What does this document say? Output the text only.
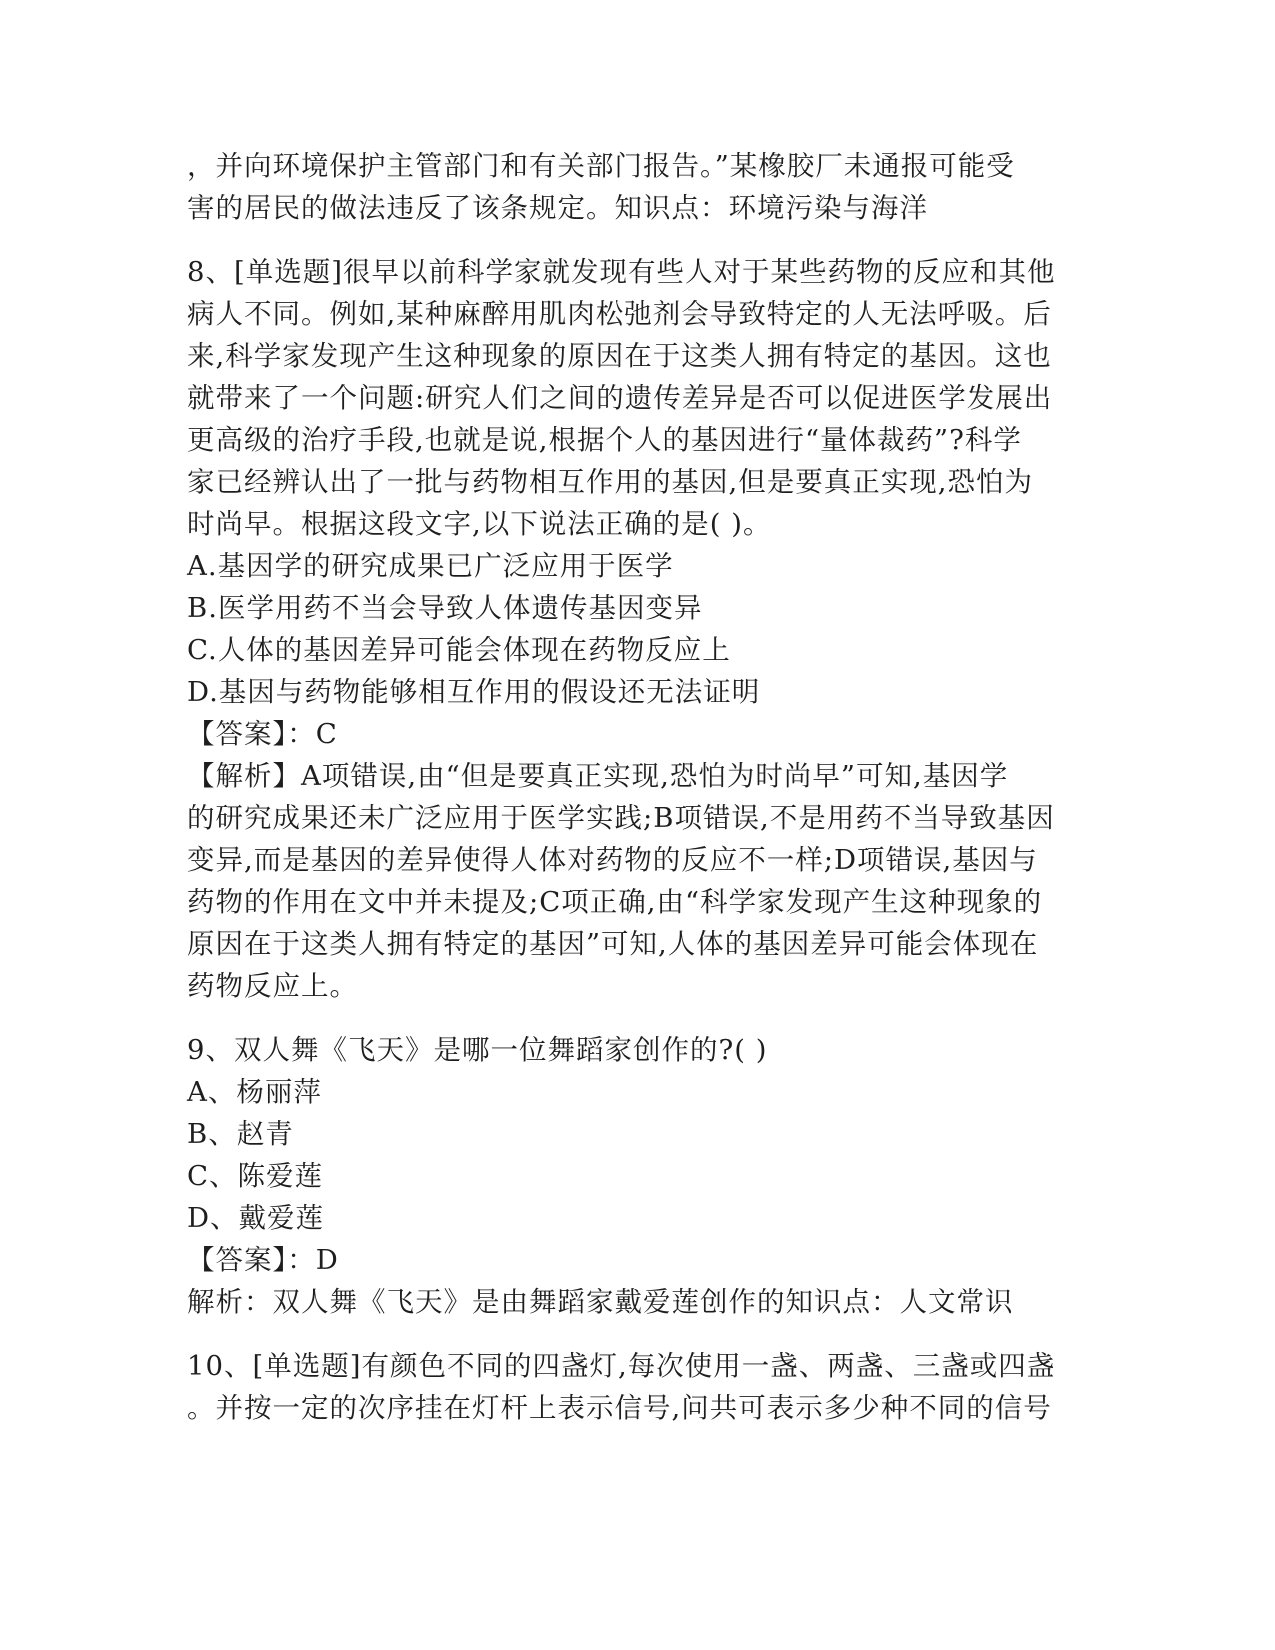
，并向环境保护主管部门和有关部门报告。”某橡胶厂未通报可能受
害的居民的做法违反了该条规定。知识点：环境污染与海洋
8、[单选题]很早以前科学家就发现有些人对于某些药物的反应和其他
病人不同。例如,某种麻醉用肌肉松弛剂会导致特定的人无法呼吸。后
来,科学家发现产生这种现象的原因在于这类人拥有特定的基因。这也
就带来了一个问题:研究人们之间的遗传差异是否可以促进医学发展出
更高级的治疗手段,也就是说,根据个人的基因进行“量体裁药”?科学
家已经辨认出了一批与药物相互作用的基因,但是要真正实现,恐怕为
时尚早。根据这段文字,以下说法正确的是( )。
A.基因学的研究成果已广泛应用于医学
B.医学用药不当会导致人体遗传基因变异
C.人体的基因差异可能会体现在药物反应上
D.基因与药物能够相互作用的假设还无法证明
【答案】：C
【解析】A项错误,由“但是要真正实现,恐怕为时尚早”可知,基因学
的研究成果还未广泛应用于医学实践;B项错误,不是用药不当导致基因
变异,而是基因的差异使得人体对药物的反应不一样;D项错误,基因与
药物的作用在文中并未提及;C项正确,由“科学家发现产生这种现象的
原因在于这类人拥有特定的基因”可知,人体的基因差异可能会体现在
药物反应上。
9、双人舞《飞天》是哪一位舞蹈家创作的?( )
A、杨丽萍
B、赵青
C、陈爱莲
D、戴爱莲
【答案】：D
解析：双人舞《飞天》是由舞蹈家戴爱莲创作的知识点：人文常识
10、[单选题]有颜色不同的四盏灯,每次使用一盏、两盏、三盏或四盏
。并按一定的次序挂在灯杆上表示信号,问共可表示多少种不同的信号
